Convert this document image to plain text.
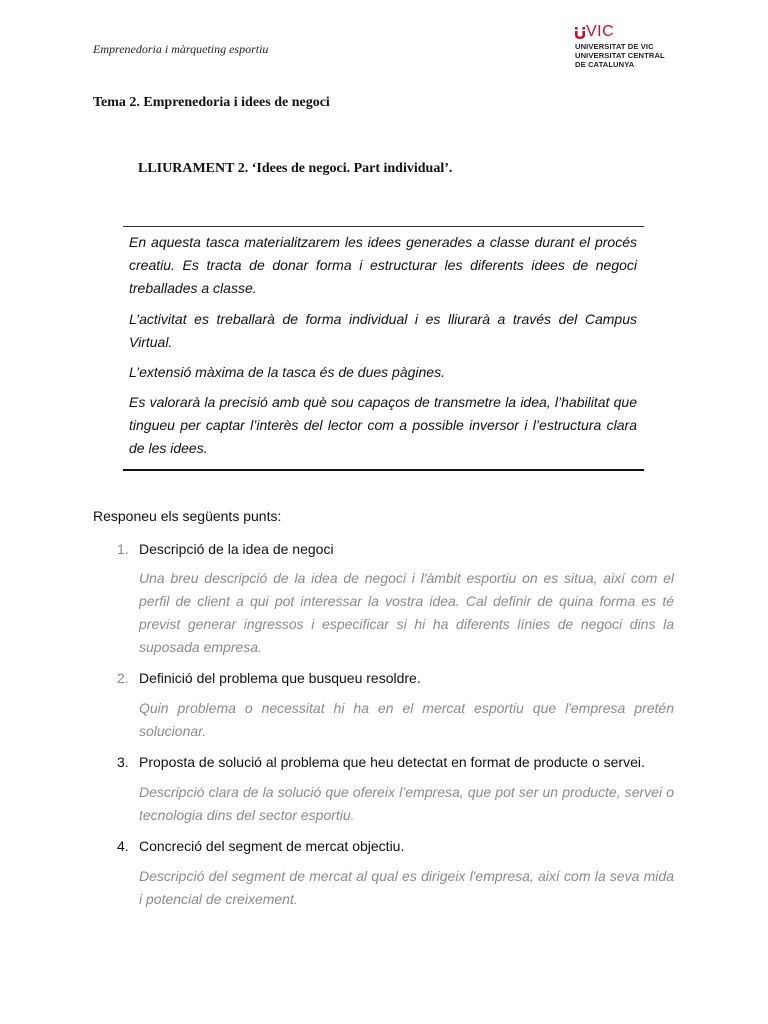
Emprenedoria i màrqueting esportiu
VIC
UNIVERSITAT DE VIC
UNIVERSITAT CENTRAL
DE CATALUNYA
Tema 2. Emprenedoria i idees de negoci
LLIURAMENT 2. ‘Idees de negoci. Part individual’.

En aquesta tasca materialitzarem les idees generades a classe durant el procés creatiu. Es tracta de donar forma i estructurar les diferents idees de negoci treballades a classe.

L’activitat es treballarà de forma individual i es lliurarà a través del Campus Virtual.

L’extensió màxima de la tasca és de dues pàgines.

Es valorarà la precisió amb què sou capaços de transmetre la idea, l’habilitat que tingueu per captar l’interès del lector com a possible inversor i l’estructura clara de les idees.

Responeu els següents punts:
1. Descripció de la idea de negoci

Una breu descripció de la idea de negoci i l'àmbit esportiu on es situa, així com el perfil de client a qui pot interessar la vostra idea. Cal definir de quina forma es té previst generar ingressos i especificar si hi ha diferents línies de negoci dins la suposada empresa.

2. Definició del problema que busqueu resoldre.

Quin problema o necessitat hi ha en el mercat esportiu que l'empresa pretén solucionar.

3. Proposta de solució al problema que heu detectat en format de producte o servei.

Descripció clara de la solució que ofereix l’empresa, que pot ser un producte, servei o tecnologia dins del sector esportiu.

4. Concreció del segment de mercat objectiu.

Descripció del segment de mercat al qual es dirigeix l'empresa, així com la seva mida i potencial de creixement.
